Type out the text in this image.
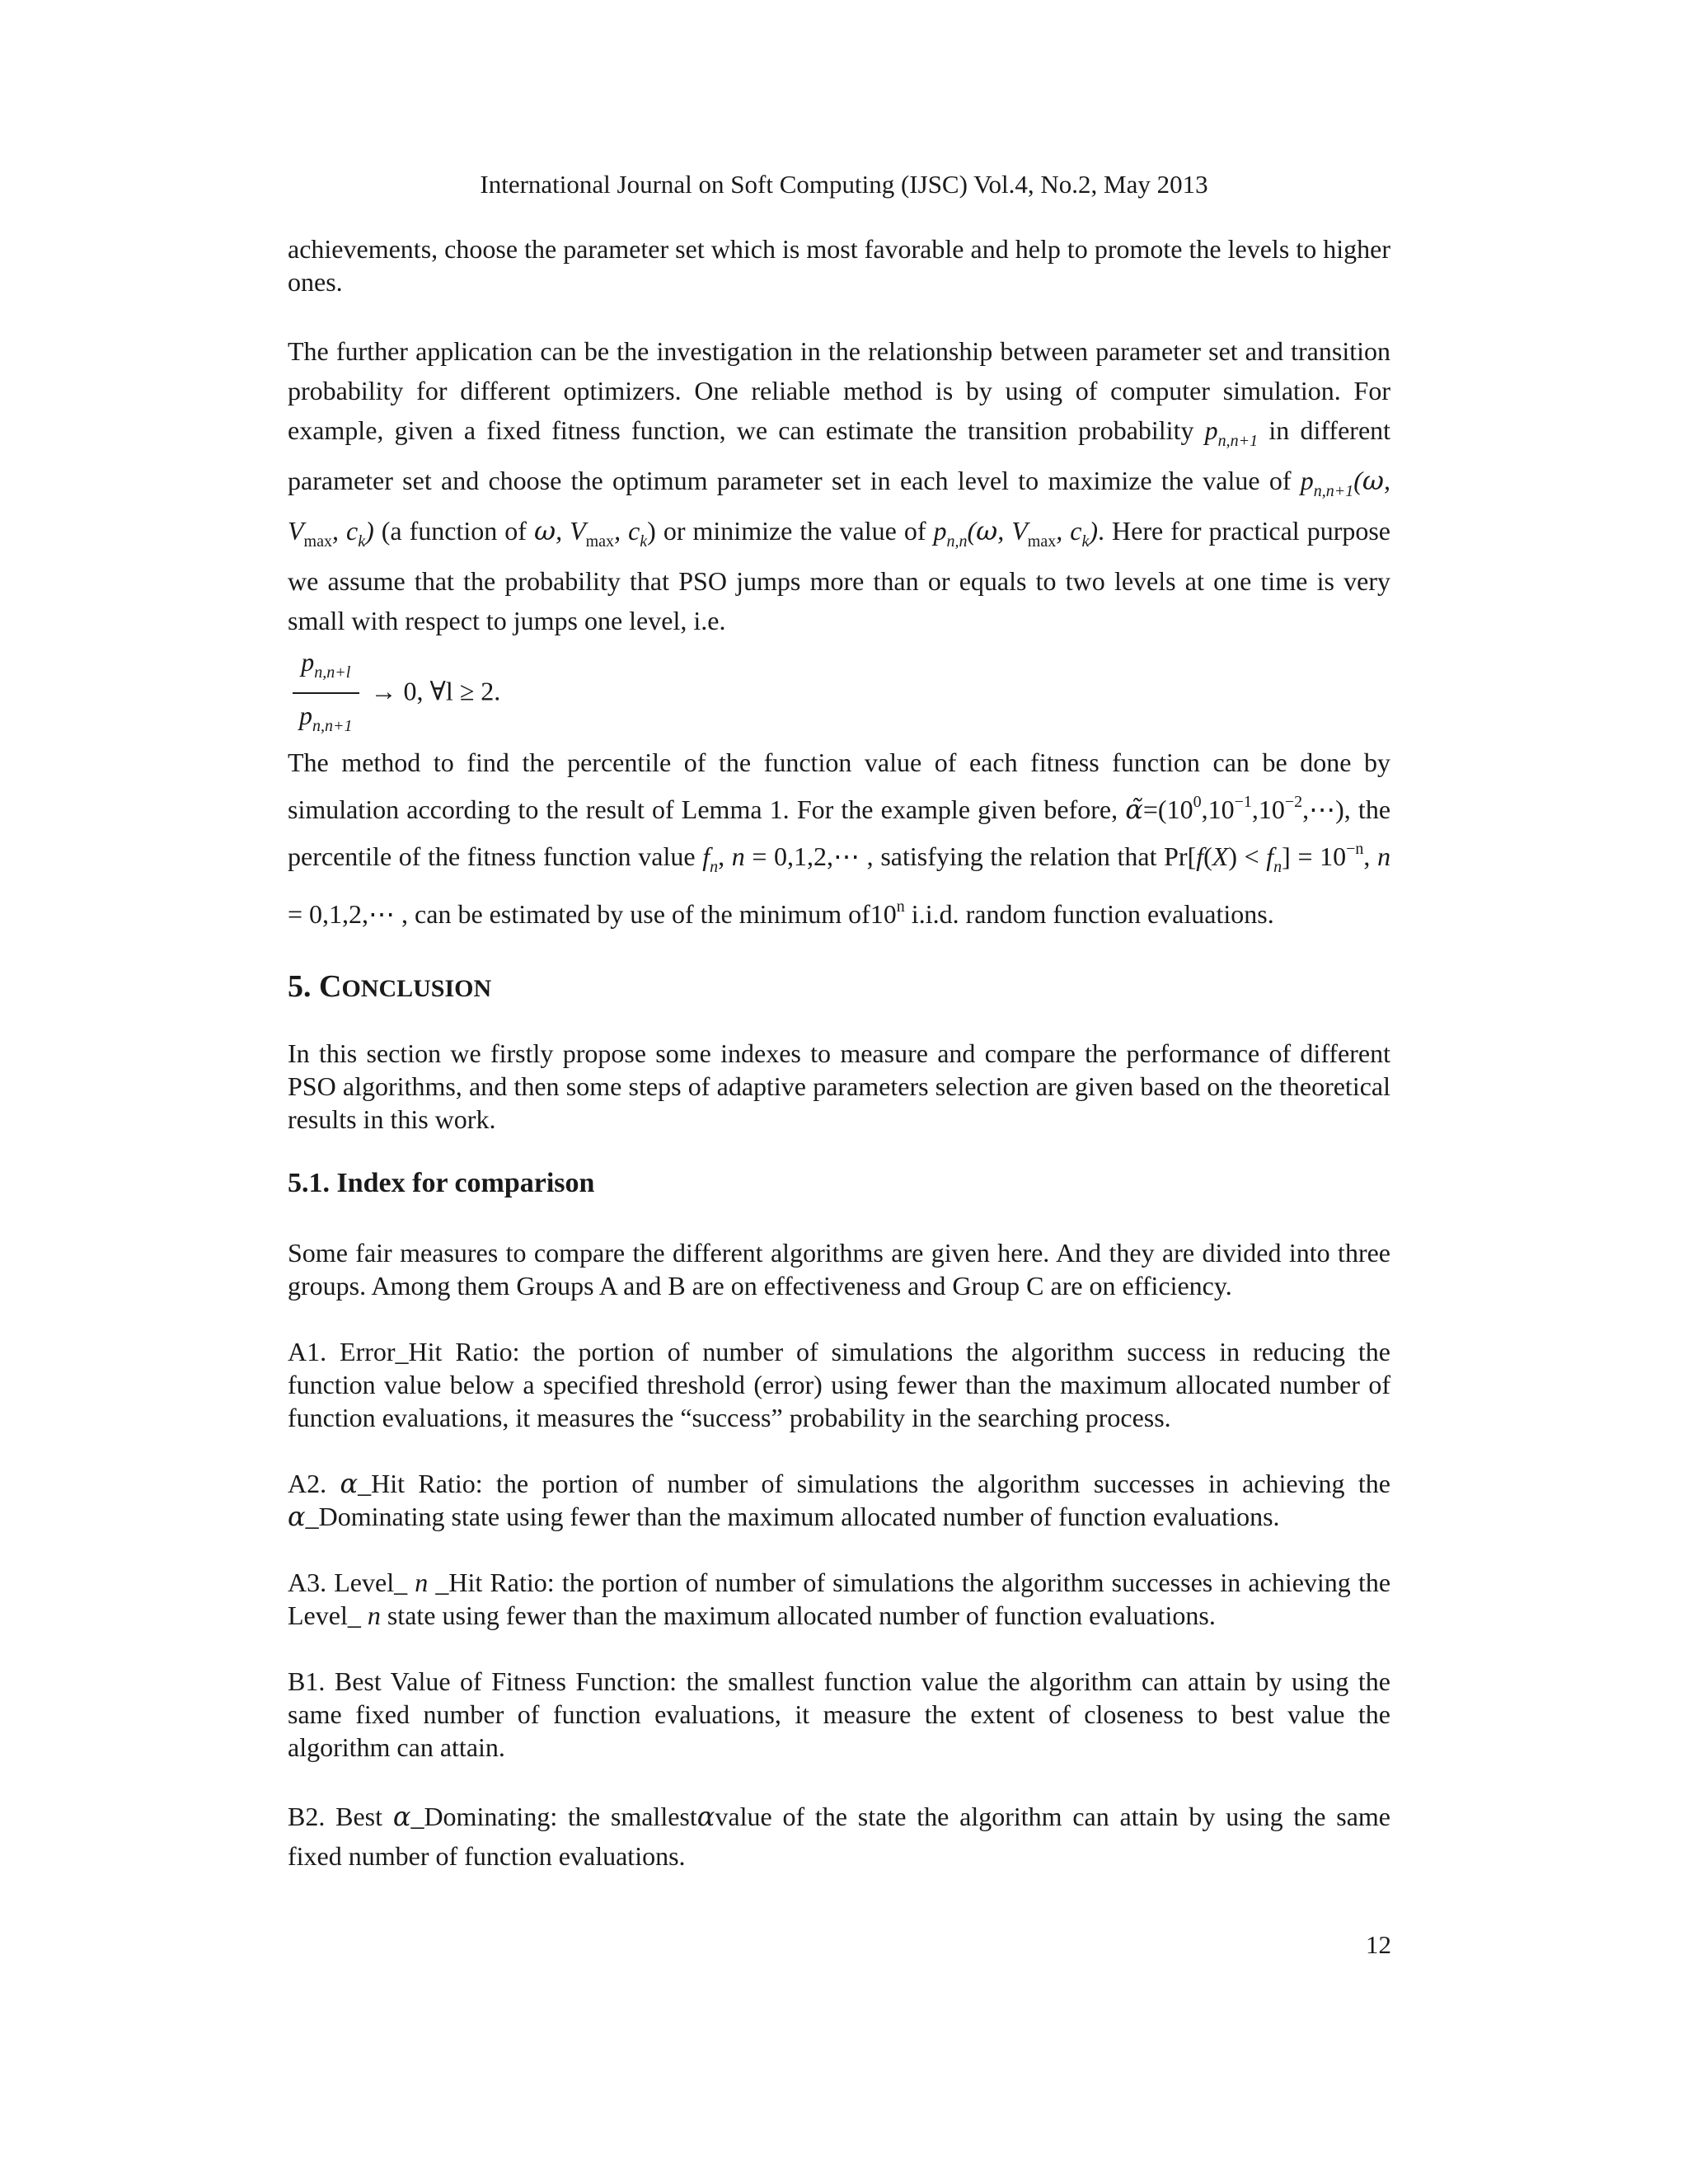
International Journal on Soft Computing (IJSC) Vol.4, No.2, May 2013

achievements, choose the parameter set which is most favorable and help to promote the levels to higher ones.

The further application can be the investigation in the relationship between parameter set and transition probability for different optimizers. One reliable method is by using of computer simulation. For example, given a fixed fitness function, we can estimate the transition probability $p_{n,n+1}$ in different parameter set and choose the optimum parameter set in each level to maximize the value of $p_{n,n+1}(\omega$, $V_{max}$, $c_k$) (a function of ω, $V_{max}$, $c_k$) or minimize the value of $p_{n,n}(\omega$, $V_{max}$, $c_k$). Here for practical purpose we assume that the probability that PSO jumps more than or equals to two levels at one time is very small with respect to jumps one level, i.e.

$\frac{p_{n,n+l}}{p_{n,n+1}} \to 0$, ∀l ≥ 2.

The method to find the percentile of the function value of each fitness function can be done by simulation according to the result of Lemma 1. For the example given before, $\alphã=(10^0,10^{-1},10^{-2},\cdots)$, the percentile of the fitness function value $f_n$, n = 0,1,2,⋯ , satisfying the relation that $Pr[f(X) < f_n] = 10^{-n}$, n = 0,1,2,⋯ , can be estimated by use of the minimum of10$^n$ i.i.d. random function evaluations.

5. CONCLUSION

In this section we firstly propose some indexes to measure and compare the performance of different PSO algorithms, and then some steps of adaptive parameters selection are given based on the theoretical results in this work.

5.1. Index for comparison

Some fair measures to compare the different algorithms are given here. And they are divided into three groups. Among them Groups A and B are on effectiveness and Group C are on efficiency.

A1. Error_Hit Ratio: the portion of number of simulations the algorithm success in reducing the function value below a specified threshold (error) using fewer than the maximum allocated number of function evaluations, it measures the “success” probability in the searching process.

A2. α_Hit Ratio: the portion of number of simulations the algorithm successes in achieving the α_Dominating state using fewer than the maximum allocated number of function evaluations.

A3. Level_ n _Hit Ratio: the portion of number of simulations the algorithm successes in achieving the Level_ n state using fewer than the maximum allocated number of function evaluations.

B1. Best Value of Fitness Function: the smallest function value the algorithm can attain by using the same fixed number of function evaluations, it measure the extent of closeness to best value the algorithm can attain.

B2. Best α_Dominating: the smallestαvalue of the state the algorithm can attain by using the same fixed number of function evaluations.

12
